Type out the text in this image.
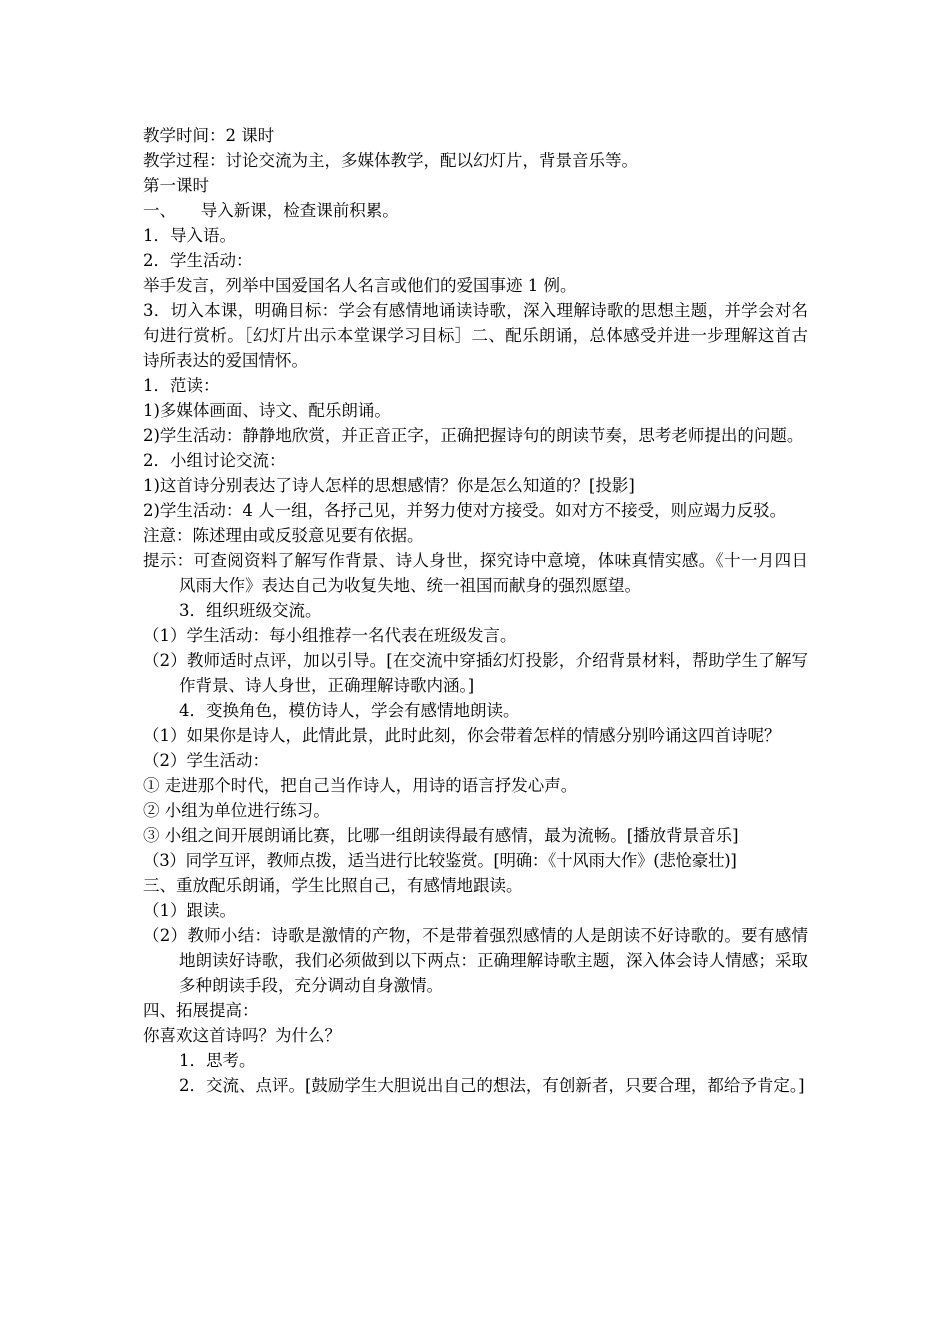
教学时间：2 课时

教学过程：讨论交流为主，多媒体教学，配以幻灯片，背景音乐等。

第一课时

一、　　导入新课，检查课前积累。

1．导入语。

2．学生活动：

举手发言，列举中国爱国名人名言或他们的爱国事迹 1 例。

3．切入本课，明确目标：学会有感情地诵读诗歌，深入理解诗歌的思想主题，并学会对名句进行赏析。［幻灯片出示本堂课学习目标］二、配乐朗诵，总体感受并进一步理解这首古诗所表达的爱国情怀。

1．范读：

1)多媒体画面、诗文、配乐朗诵。

2)学生活动：静静地欣赏，并正音正字，正确把握诗句的朗读节奏，思考老师提出的问题。

2．小组讨论交流：

1)这首诗分别表达了诗人怎样的思想感情？你是怎么知道的？[投影]

2)学生活动：4 人一组，各抒己见，并努力使对方接受。如对方不接受，则应竭力反驳。

注意：陈述理由或反驳意见要有依据。

提示：可查阅资料了解写作背景、诗人身世，探究诗中意境，体味真情实感。《十一月四日风雨大作》表达自己为收复失地、统一祖国而献身的强烈愿望。

3．组织班级交流。

（1）学生活动：每小组推荐一名代表在班级发言。

（2）教师适时点评，加以引导。[在交流中穿插幻灯投影，介绍背景材料，帮助学生了解写作背景、诗人身世，正确理解诗歌内涵。]

4．变换角色，模仿诗人，学会有感情地朗读。

（1）如果你是诗人，此情此景，此时此刻，你会带着怎样的情感分别吟诵这四首诗呢？

（2）学生活动：

① 走进那个时代，把自己当作诗人，用诗的语言抒发心声。

② 小组为单位进行练习。

③ 小组之间开展朗诵比赛，比哪一组朗读得最有感情，最为流畅。[播放背景音乐]

（3）同学互评，教师点拨，适当进行比较鉴赏。[明确：《十风雨大作》(悲怆豪壮)]

三、重放配乐朗诵，学生比照自己，有感情地跟读。

（1）跟读。

（2）教师小结：诗歌是激情的产物，不是带着强烈感情的人是朗读不好诗歌的。要有感情地朗读好诗歌，我们必须做到以下两点：正确理解诗歌主题，深入体会诗人情感；采取多种朗读手段，充分调动自身激情。

四、拓展提高：

你喜欢这首诗吗？为什么？

1．思考。

2．交流、点评。[鼓励学生大胆说出自己的想法，有创新者，只要合理，都给予肯定。]
